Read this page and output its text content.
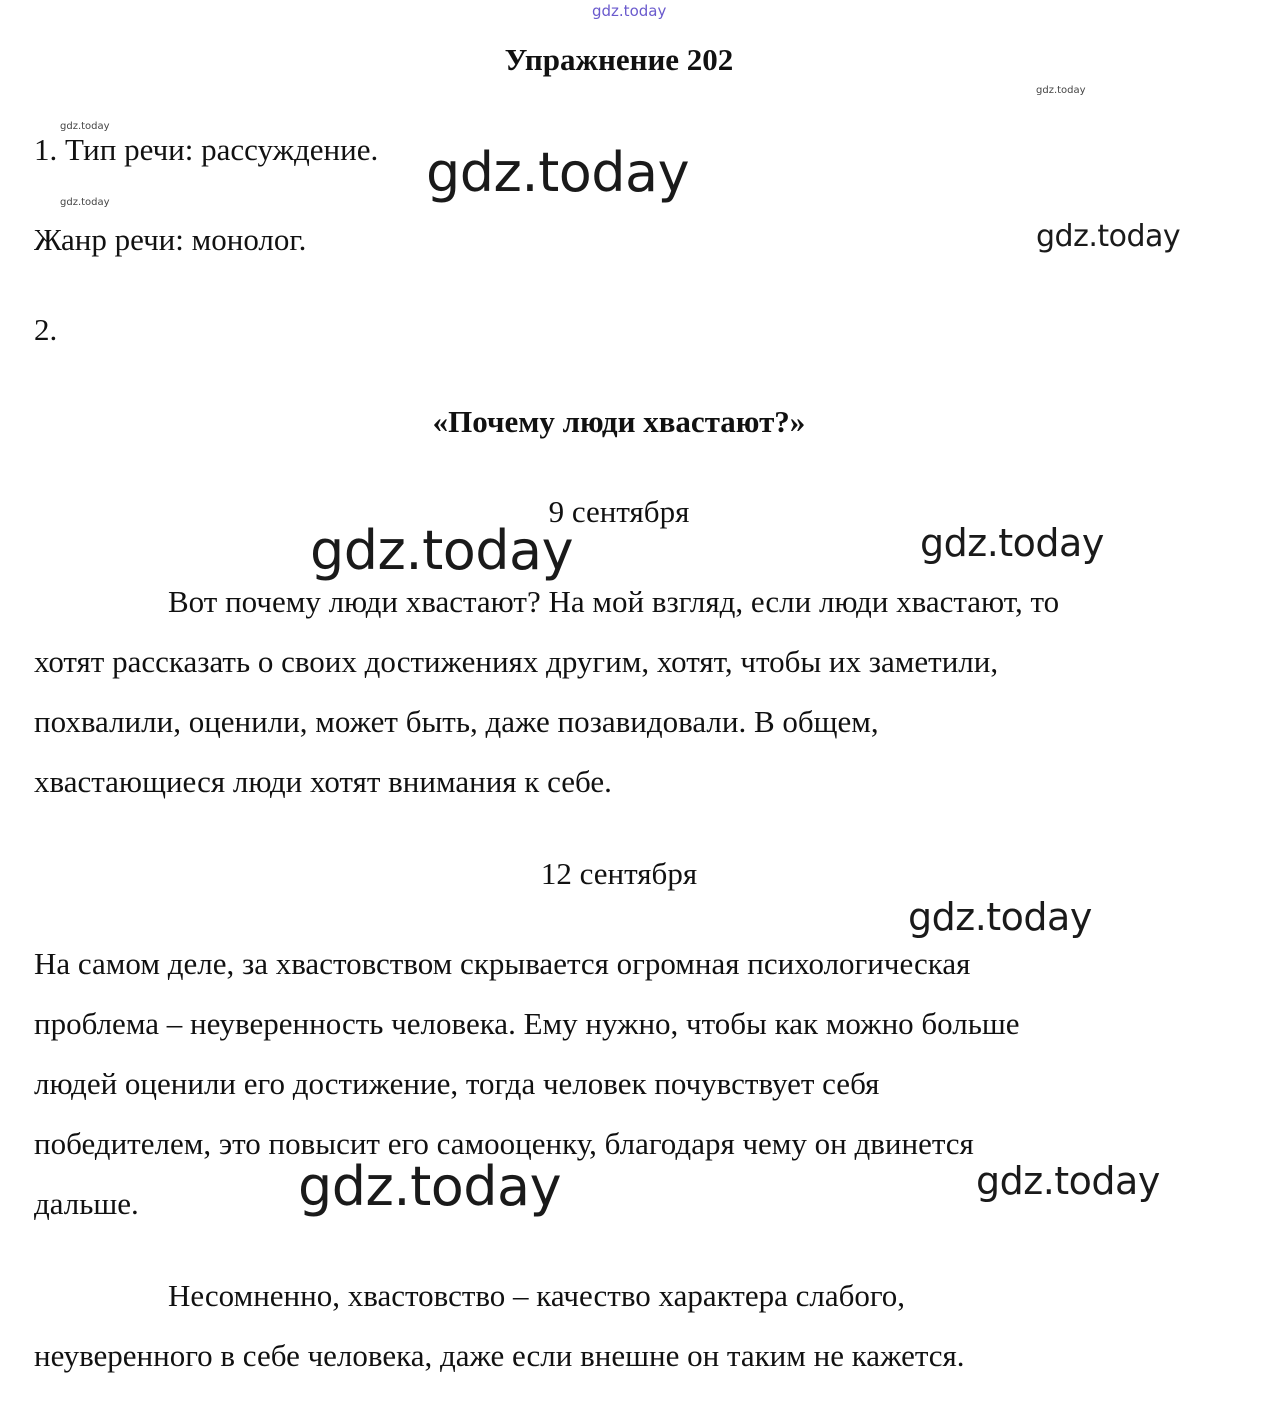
gdz.today
gdz.today
gdz.today
gdz.today	gdz.today
gdz.today
gdz.today	gdz.today
gdz.today
gdz.today	gdz.today
Упражнение 202

1. Тип речи: рассуждение.

Жанр речи: монолог.

2.

«Почему люди хвастают?»

9 сентября

Вот почему люди хвастают? На мой взгляд, если люди хвастают, то

хотят рассказать о своих достижениях другим, хотят, чтобы их заметили,

похвалили, оценили, может быть, даже позавидовали. В общем,

хвастающиеся люди хотят внимания к себе.

12 сентября

На самом деле, за хвастовством скрывается огромная психологическая

проблема – неуверенность человека. Ему нужно, чтобы как можно больше

людей оценили его достижение, тогда человек почувствует себя

победителем, это повысит его самооценку, благодаря чему он двинется

дальше.

Несомненно, хвастовство – качество характера слабого,

неуверенного в себе человека, даже если внешне он таким не кажется.
